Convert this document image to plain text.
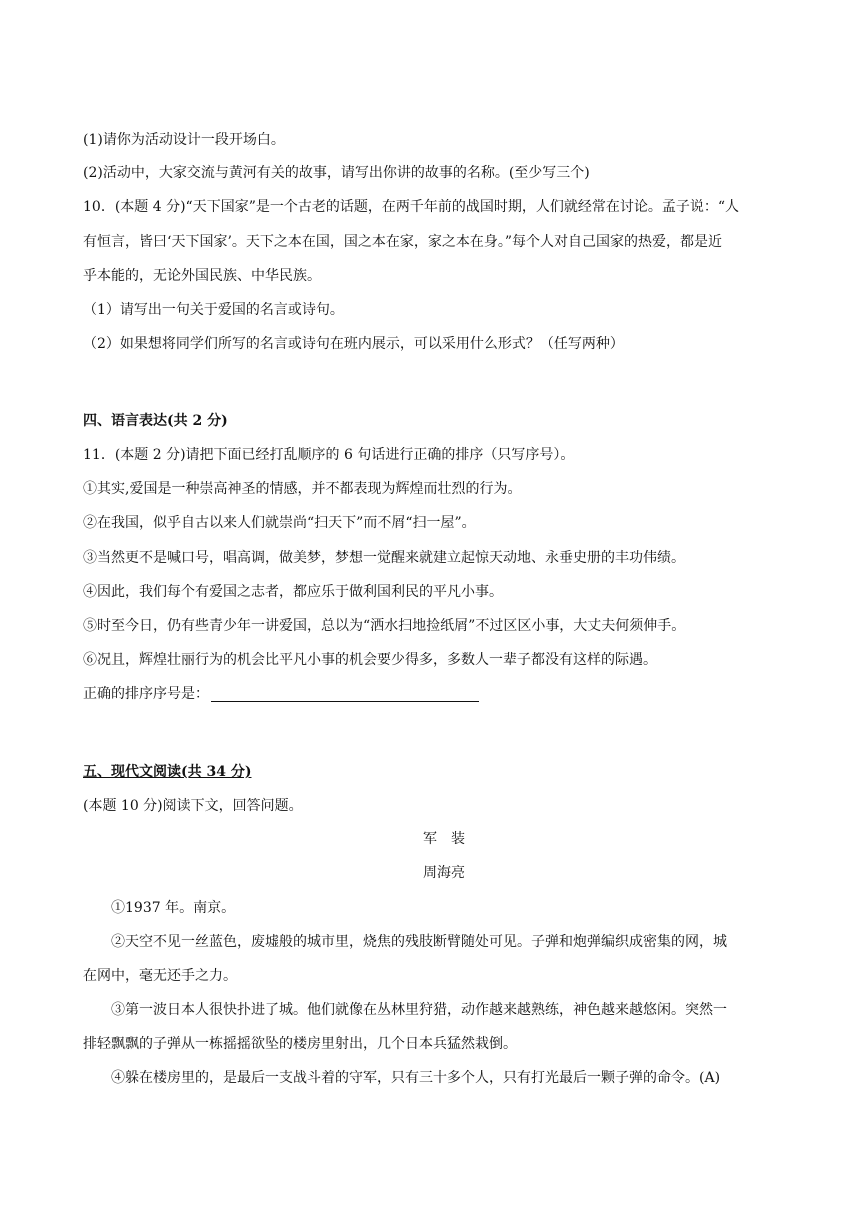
(1)请你为活动设计一段开场白。
(2)活动中，大家交流与黄河有关的故事，请写出你讲的故事的名称。(至少写三个)
10．(本题 4 分)“天下国家”是一个古老的话题，在两千年前的战国时期，人们就经常在讨论。孟子说：“人
有恒言，皆曰‘天下国家’。天下之本在国，国之本在家，家之本在身。”每个人对自己国家的热爱，都是近
乎本能的，无论外国民族、中华民族。
（1）请写出一句关于爱国的名言或诗句。
（2）如果想将同学们所写的名言或诗句在班内展示，可以采用什么形式？（任写两种）
四、语言表达(共 2 分)
11．(本题 2 分)请把下面已经打乱顺序的 6 句话进行正确的排序（只写序号）。
①其实,爱国是一种崇高神圣的情感，并不都表现为辉煌而壮烈的行为。
②在我国，似乎自古以来人们就崇尚“扫天下”而不屑“扫一屋”。
③当然更不是喊口号，唱高调，做美梦，梦想一觉醒来就建立起惊天动地、永垂史册的丰功伟绩。
④因此，我们每个有爱国之志者，都应乐于做利国利民的平凡小事。
⑤时至今日，仍有些青少年一讲爱国，总以为“洒水扫地捡纸屑”不过区区小事，大丈夫何须伸手。
⑥况且，辉煌壮丽行为的机会比平凡小事的机会要少得多，多数人一辈子都没有这样的际遇。
正确的排序序号是：
五、现代文阅读(共 34 分)
(本题 10 分)阅读下文，回答问题。
军　装
周海亮
①1937 年。南京。
②天空不见一丝蓝色，废墟般的城市里，烧焦的残肢断臂随处可见。子弹和炮弹编织成密集的网，城
在网中，毫无还手之力。
③第一波日本人很快扑进了城。他们就像在丛林里狩猎，动作越来越熟练，神色越来越悠闲。突然一
排轻飘飘的子弹从一栋摇摇欲坠的楼房里射出，几个日本兵猛然栽倒。
④躲在楼房里的，是最后一支战斗着的守军，只有三十多个人，只有打光最后一颗子弹的命令。(A)
